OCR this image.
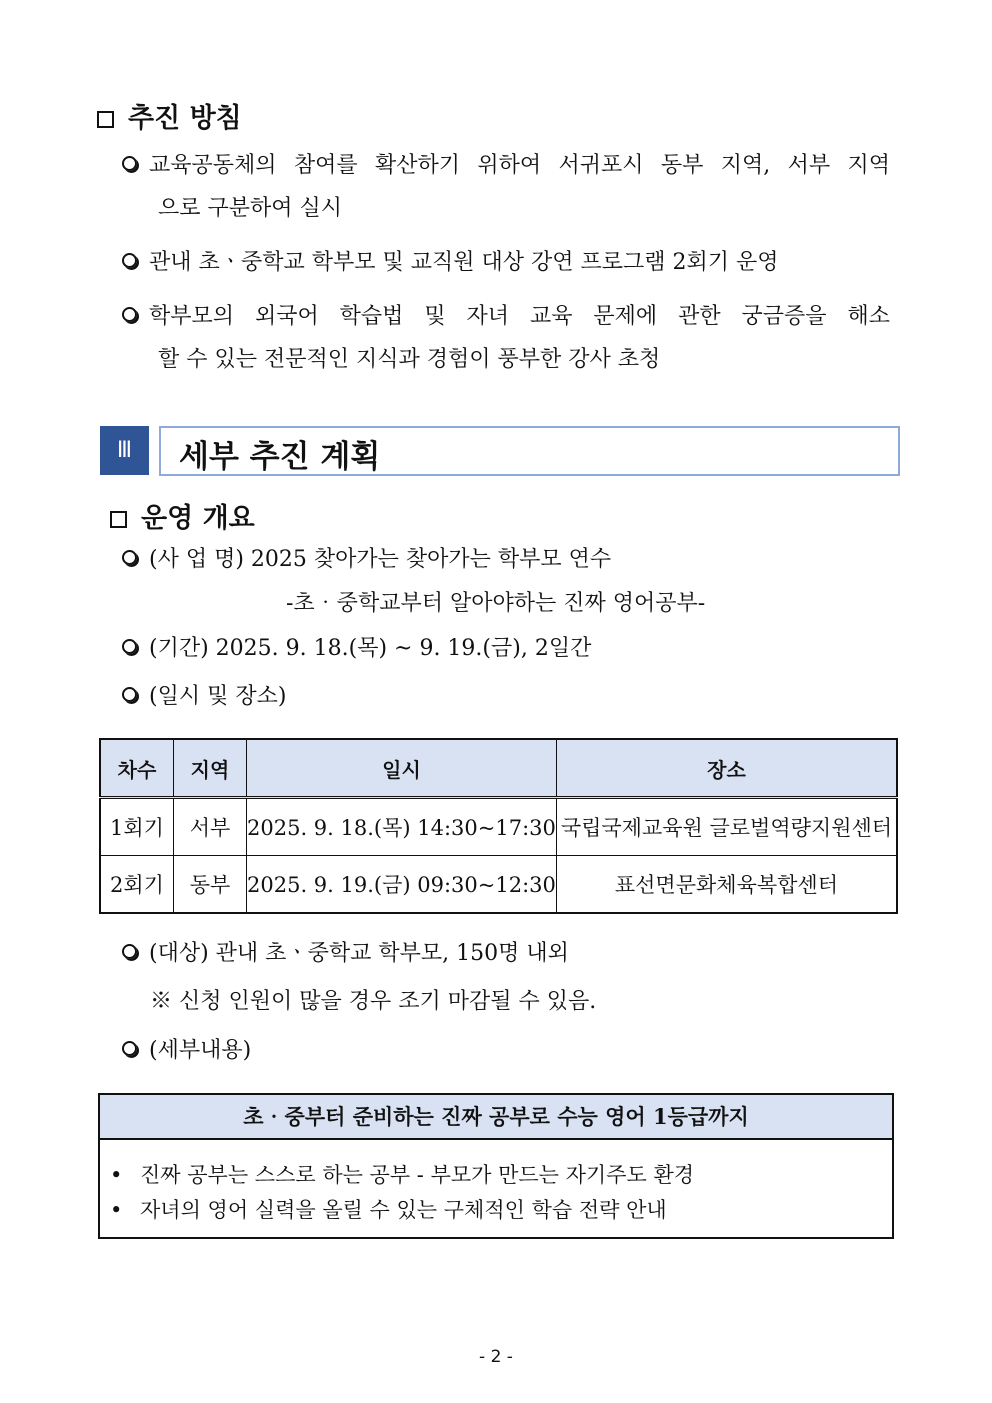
추진 방침
교육공동체의 참여를 확산하기 위하여 서귀포시 동부 지역, 서부 지역
으로 구분하여 실시
관내 초ㆍ중학교 학부모 및 교직원 대상 강연 프로그램 2회기 운영
학부모의 외국어 학습법 및 자녀 교육 문제에 관한 궁금증을 해소
할 수 있는 전문적인 지식과 경험이 풍부한 강사 초청
Ⅲ	세부 추진 계획
운영 개요
(사 업 명) 2025 찾아가는 찾아가는 학부모 연수
-초‧중학교부터 알아야하는 진짜 영어공부-
(기간) 2025. 9. 18.(목) ~ 9. 19.(금), 2일간
(일시 및 장소)
차수	지역	일시	장소
1회기	서부	2025. 9. 18.(목) 14:30~17:30	국립국제교육원 글로벌역량지원센터
2회기	동부	2025. 9. 19.(금) 09:30~12:30	표선면문화체육복합센터
(대상) 관내 초ㆍ중학교 학부모, 150명 내외
※ 신청 인원이 많을 경우 조기 마감될 수 있음.
(세부내용)
초‧중부터 준비하는 진짜 공부로 수능 영어 1등급까지
• 진짜 공부는 스스로 하는 공부 - 부모가 만드는 자기주도 환경
• 자녀의 영어 실력을 올릴 수 있는 구체적인 학습 전략 안내
- 2 -
